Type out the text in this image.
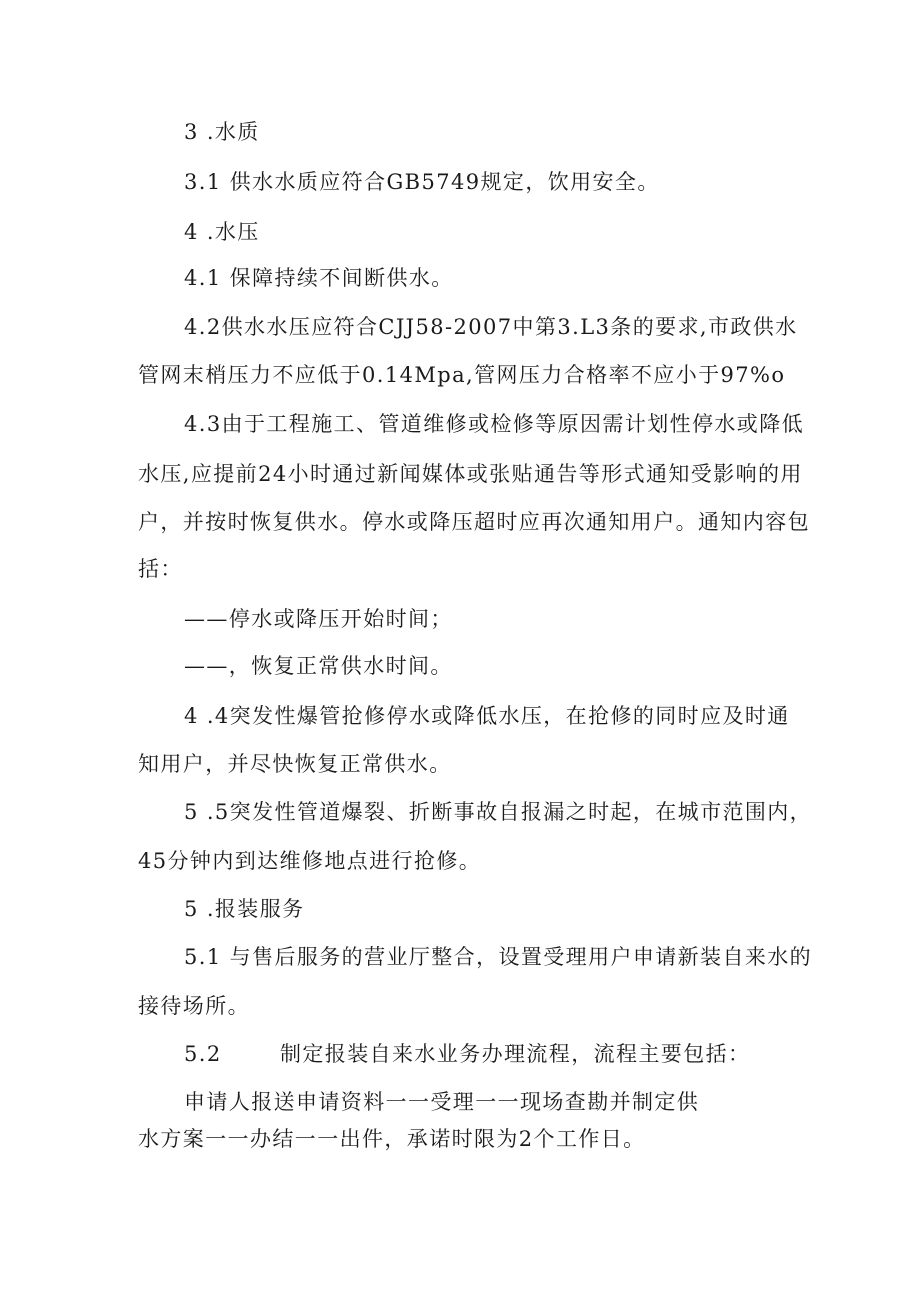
3 .水质
3.1 供水水质应符合GB5749规定，饮用安全。
4 .水压
4.1 保障持续不间断供水。
4.2供水水压应符合CJJ58-2007中第3.L3条的要求,市政供水
管网末梢压力不应低于0.14Mpa,管网压力合格率不应小于97%o
4.3由于工程施工、管道维修或检修等原因需计划性停水或降低
水压,应提前24小时通过新闻媒体或张贴通告等形式通知受影响的用
户，并按时恢复供水。停水或降压超时应再次通知用户。通知内容包
括：
——停水或降压开始时间；
——，恢复正常供水时间。
4 .4突发性爆管抢修停水或降低水压，在抢修的同时应及时通
知用户，并尽快恢复正常供水。
5 .5突发性管道爆裂、折断事故自报漏之时起，在城市范围内，
45分钟内到达维修地点进行抢修。
5 .报装服务
5.1 与售后服务的营业厅整合，设置受理用户申请新装自来水的
接待场所。
5.2	制定报装自来水业务办理流程，流程主要包括：
申请人报送申请资料一一受理一一现场查勘并制定供
水方案一一办结一一出件，承诺时限为2个工作日。
